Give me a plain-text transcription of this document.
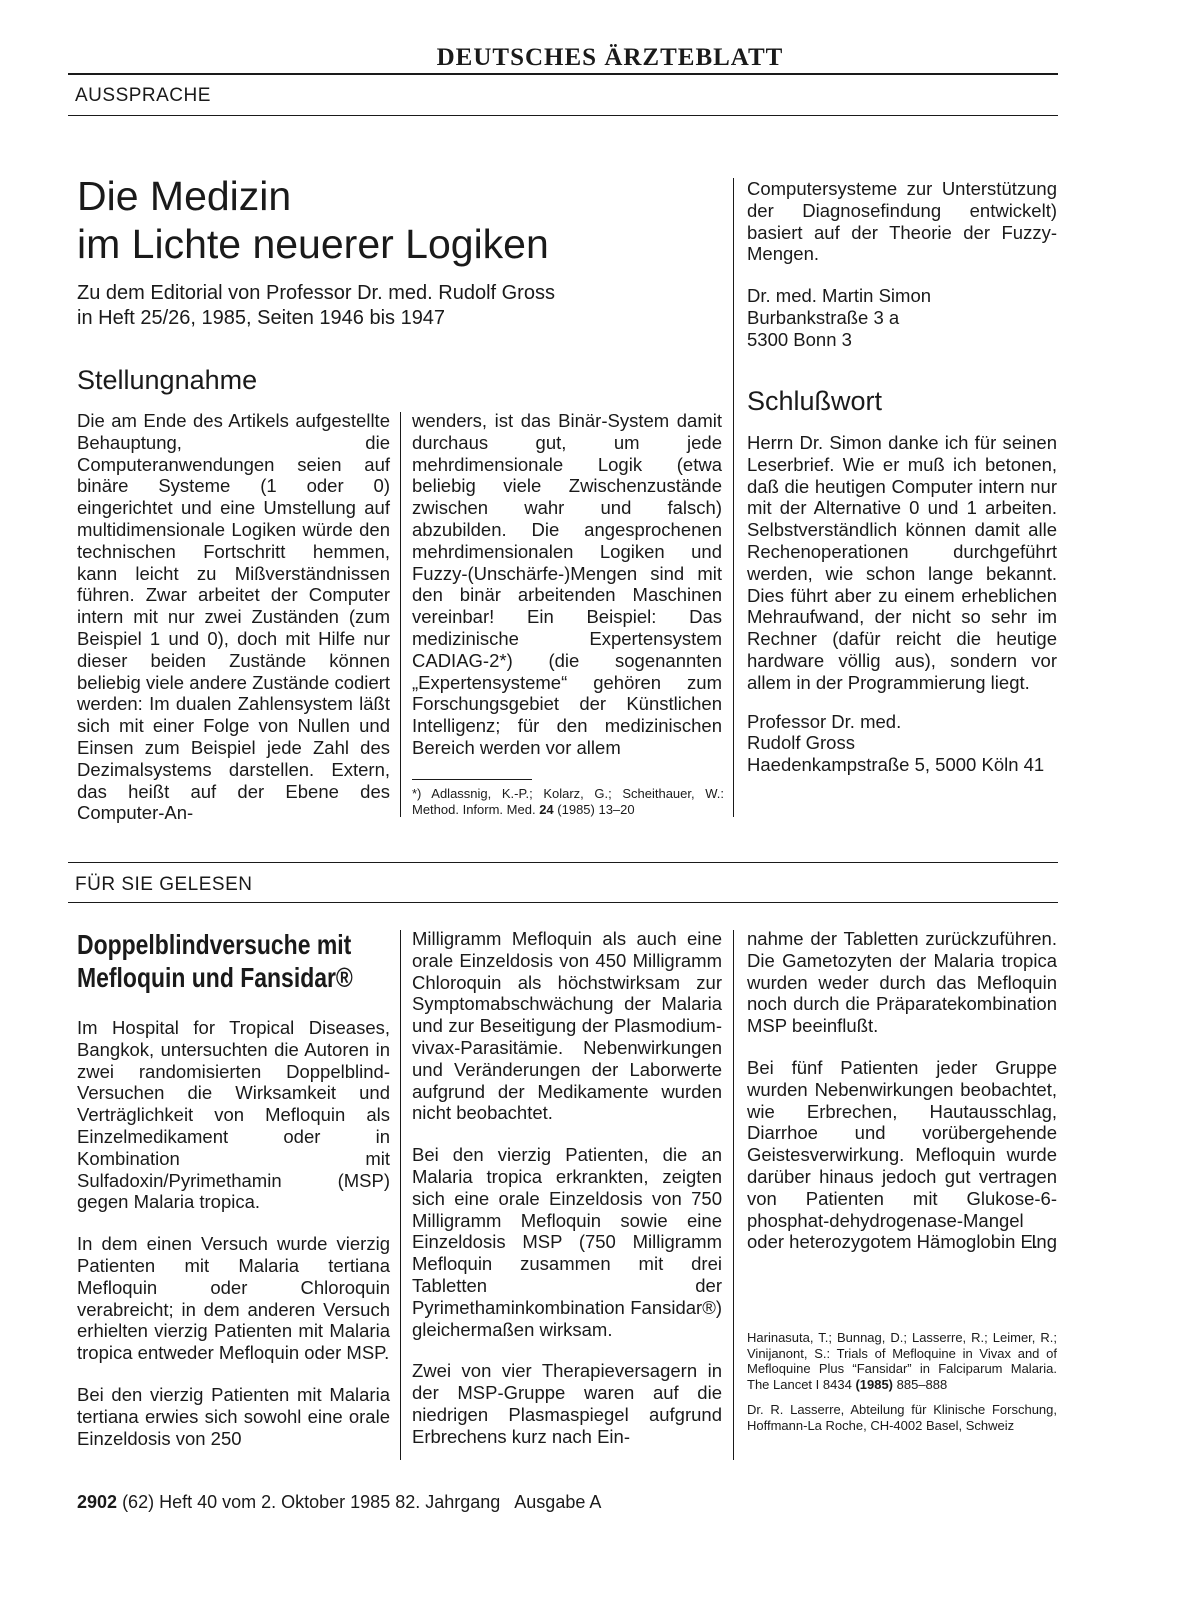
DEUTSCHES ÄRZTEBLATT
AUSSPRACHE
Die Medizin
im Lichte neuerer Logiken
Zu dem Editorial von Professor Dr. med. Rudolf Gross
in Heft 25/26, 1985, Seiten 1946 bis 1947
Stellungnahme

Die am Ende des Artikels aufgestellte Behauptung, die Computeranwendungen seien auf binäre Systeme (1 oder 0) eingerichtet und eine Umstellung auf multidimensionale Logiken würde den technischen Fortschritt hemmen, kann leicht zu Mißverständnissen führen. Zwar arbeitet der Computer intern mit nur zwei Zuständen (zum Beispiel 1 und 0), doch mit Hilfe nur dieser beiden Zustände können beliebig viele andere Zustände codiert werden: Im dualen Zahlensystem läßt sich mit einer Folge von Nullen und Einsen zum Beispiel jede Zahl des Dezimalsystems darstellen. Extern, das heißt auf der Ebene des Computer-An-

wenders, ist das Binär-System damit durchaus gut, um jede mehrdimensionale Logik (etwa beliebig viele Zwischenzustände zwischen wahr und falsch) abzubilden. Die angesprochenen mehrdimensionalen Logiken und Fuzzy-(Unschärfe-)Mengen sind mit den binär arbeitenden Maschinen vereinbar! Ein Beispiel: Das medizinische Expertensystem CADIAG-2*) (die sogenannten „Expertensysteme“ gehören zum Forschungsgebiet der Künstlichen Intelligenz; für den medizinischen Bereich werden vor allem

*) Adlassnig, K.-P.; Kolarz, G.; Scheithauer, W.: Method. Inform. Med. 24 (1985) 13–20

Computersysteme zur Unterstützung der Diagnosefindung entwickelt) basiert auf der Theorie der Fuzzy-Mengen.

Dr. med. Martin Simon
Burbankstraße 3 a
5300 Bonn 3
Schlußwort

Herrn Dr. Simon danke ich für seinen Leserbrief. Wie er muß ich betonen, daß die heutigen Computer intern nur mit der Alternative 0 und 1 arbeiten. Selbstverständlich können damit alle Rechenoperationen durchgeführt werden, wie schon lange bekannt. Dies führt aber zu einem erheblichen Mehraufwand, der nicht so sehr im Rechner (dafür reicht die heutige hardware völlig aus), sondern vor allem in der Programmierung liegt.

Professor Dr. med.
Rudolf Gross
Haedenkampstraße 5, 5000 Köln 41
FÜR SIE GELESEN
Doppelblindversuche mit
Mefloquin und Fansidar®

Im Hospital for Tropical Diseases, Bangkok, untersuchten die Autoren in zwei randomisierten Doppelblind-Versuchen die Wirksamkeit und Verträglichkeit von Mefloquin als Einzelmedikament oder in Kombination mit Sulfadoxin/Pyrimethamin (MSP) gegen Malaria tropica.

In dem einen Versuch wurde vierzig Patienten mit Malaria tertiana Mefloquin oder Chloroquin verabreicht; in dem anderen Versuch erhielten vierzig Patienten mit Malaria tropica entweder Mefloquin oder MSP.

Bei den vierzig Patienten mit Malaria tertiana erwies sich sowohl eine orale Einzeldosis von 250

Milligramm Mefloquin als auch eine orale Einzeldosis von 450 Milligramm Chloroquin als höchstwirksam zur Symptomabschwächung der Malaria und zur Beseitigung der Plasmodium-vivax-Parasitämie. Nebenwirkungen und Veränderungen der Laborwerte aufgrund der Medikamente wurden nicht beobachtet.

Bei den vierzig Patienten, die an Malaria tropica erkrankten, zeigten sich eine orale Einzeldosis von 750 Milligramm Mefloquin sowie eine Einzeldosis MSP (750 Milligramm Mefloquin zusammen mit drei Tabletten der Pyrimethaminkombination Fansidar®) gleichermaßen wirksam.

Zwei von vier Therapieversagern in der MSP-Gruppe waren auf die niedrigen Plasmaspiegel aufgrund Erbrechens kurz nach Ein-

nahme der Tabletten zurückzuführen. Die Gametozyten der Malaria tropica wurden weder durch das Mefloquin noch durch die Präparatekombination MSP beeinflußt.

Bei fünf Patienten jeder Gruppe wurden Nebenwirkungen beobachtet, wie Erbrechen, Hautausschlag, Diarrhoe und vorübergehende Geistesverwirkung. Mefloquin wurde darüber hinaus jedoch gut vertragen von Patienten mit Glukose-6-phosphat-dehydrogenase-Mangel oder heterozygotem Hämoglobin E.

Ing

Harinasuta, T.; Bunnag, D.; Lasserre, R.; Leimer, R.; Vinijanont, S.: Trials of Mefloquine in Vivax and of Mefloquine Plus “Fansidar” in Falciparum Malaria. The Lancet I 8434 (1985) 885–888

Dr. R. Lasserre, Abteilung für Klinische Forschung, Hoffmann-La Roche, CH-4002 Basel, Schweiz

2902 (62) Heft 40 vom 2. Oktober 1985 82. Jahrgang   Ausgabe A
